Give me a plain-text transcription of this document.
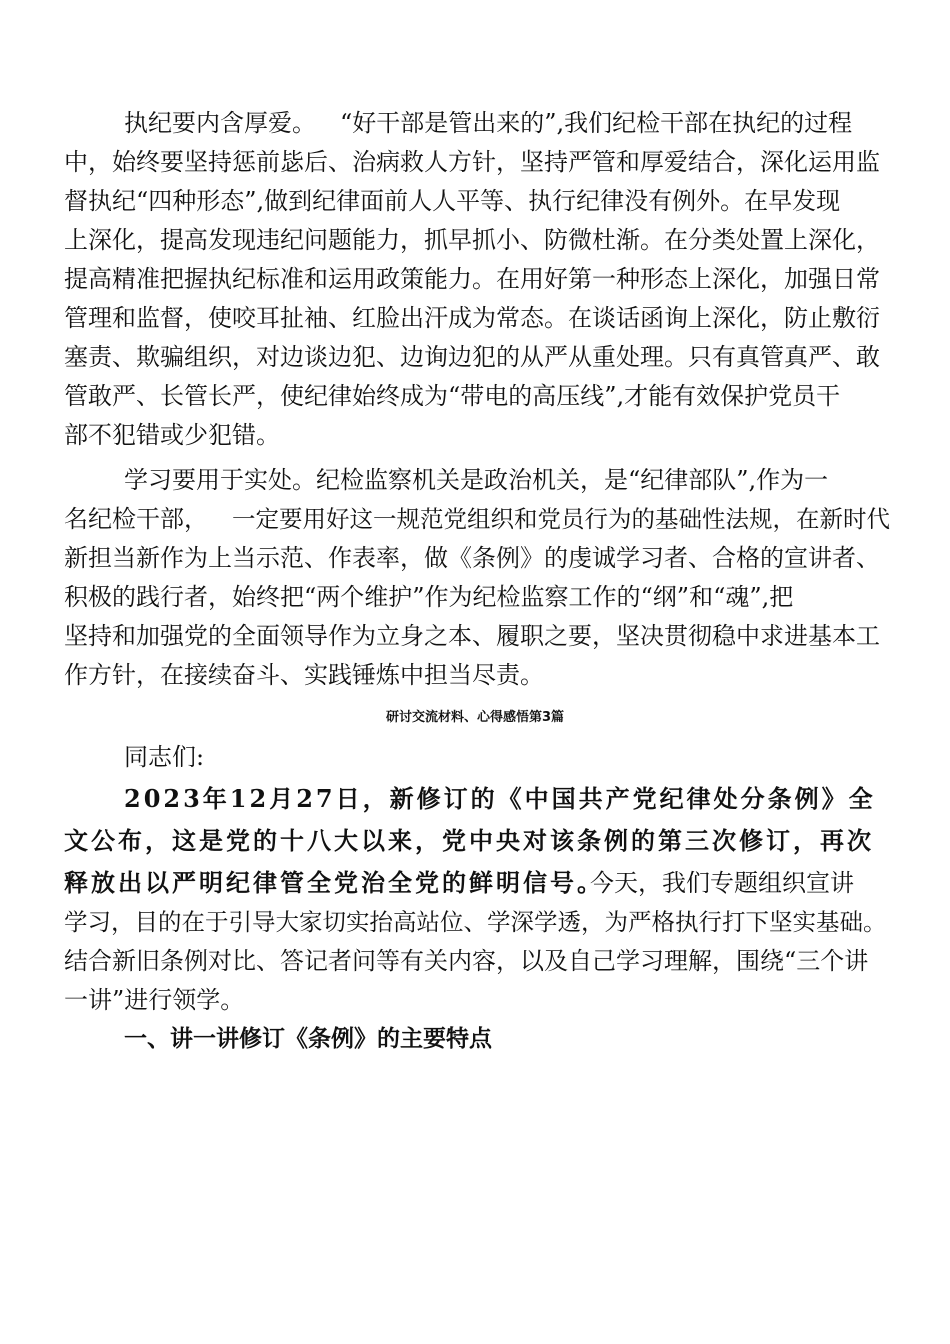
执纪要内含厚爱。 “好干部是管出来的”,我们纪检干部在执纪的过程
中，始终要坚持惩前毖后、治病救人方针，坚持严管和厚爱结合，深化运用监
督执纪“四种形态”,做到纪律面前人人平等、执行纪律没有例外。在早发现
上深化，提高发现违纪问题能力，抓早抓小、防微杜渐。在分类处置上深化，
提高精准把握执纪标准和运用政策能力。在用好第一种形态上深化，加强日常
管理和监督，使咬耳扯袖、红脸出汗成为常态。在谈话函询上深化，防止敷衍
塞责、欺骗组织，对边谈边犯、边询边犯的从严从重处理。只有真管真严、敢
管敢严、长管长严，使纪律始终成为“带电的高压线”,才能有效保护党员干
部不犯错或少犯错。
学习要用于实处。纪检监察机关是政治机关，是“纪律部队”,作为一
名纪检干部， 一定要用好这一规范党组织和党员行为的基础性法规，在新时代
新担当新作为上当示范、作表率，做《条例》的虔诚学习者、合格的宣讲者、
积极的践行者，始终把“两个维护”作为纪检监察工作的“纲”和“魂”,把
坚持和加强党的全面领导作为立身之本、履职之要，坚决贯彻稳中求进基本工
作方针，在接续奋斗、实践锤炼中担当尽责。
研讨交流材料、心得感悟第3篇
同志们:
2023年12月27日，新修订的《中国共产党纪律处分条例》全
文公布，这是党的十八大以来，党中央对该条例的第三次修订，再次
释放出以严明纪律管全党治全党的鲜明信号。
今天，我们专题组织宣讲
学习，目的在于引导大家切实抬高站位、学深学透，为严格执行打下坚实基础。
结合新旧条例对比、答记者问等有关内容，以及自己学习理解，围绕“三个讲
一讲”进行领学。
一、讲一讲修订《条例》的主要特点
